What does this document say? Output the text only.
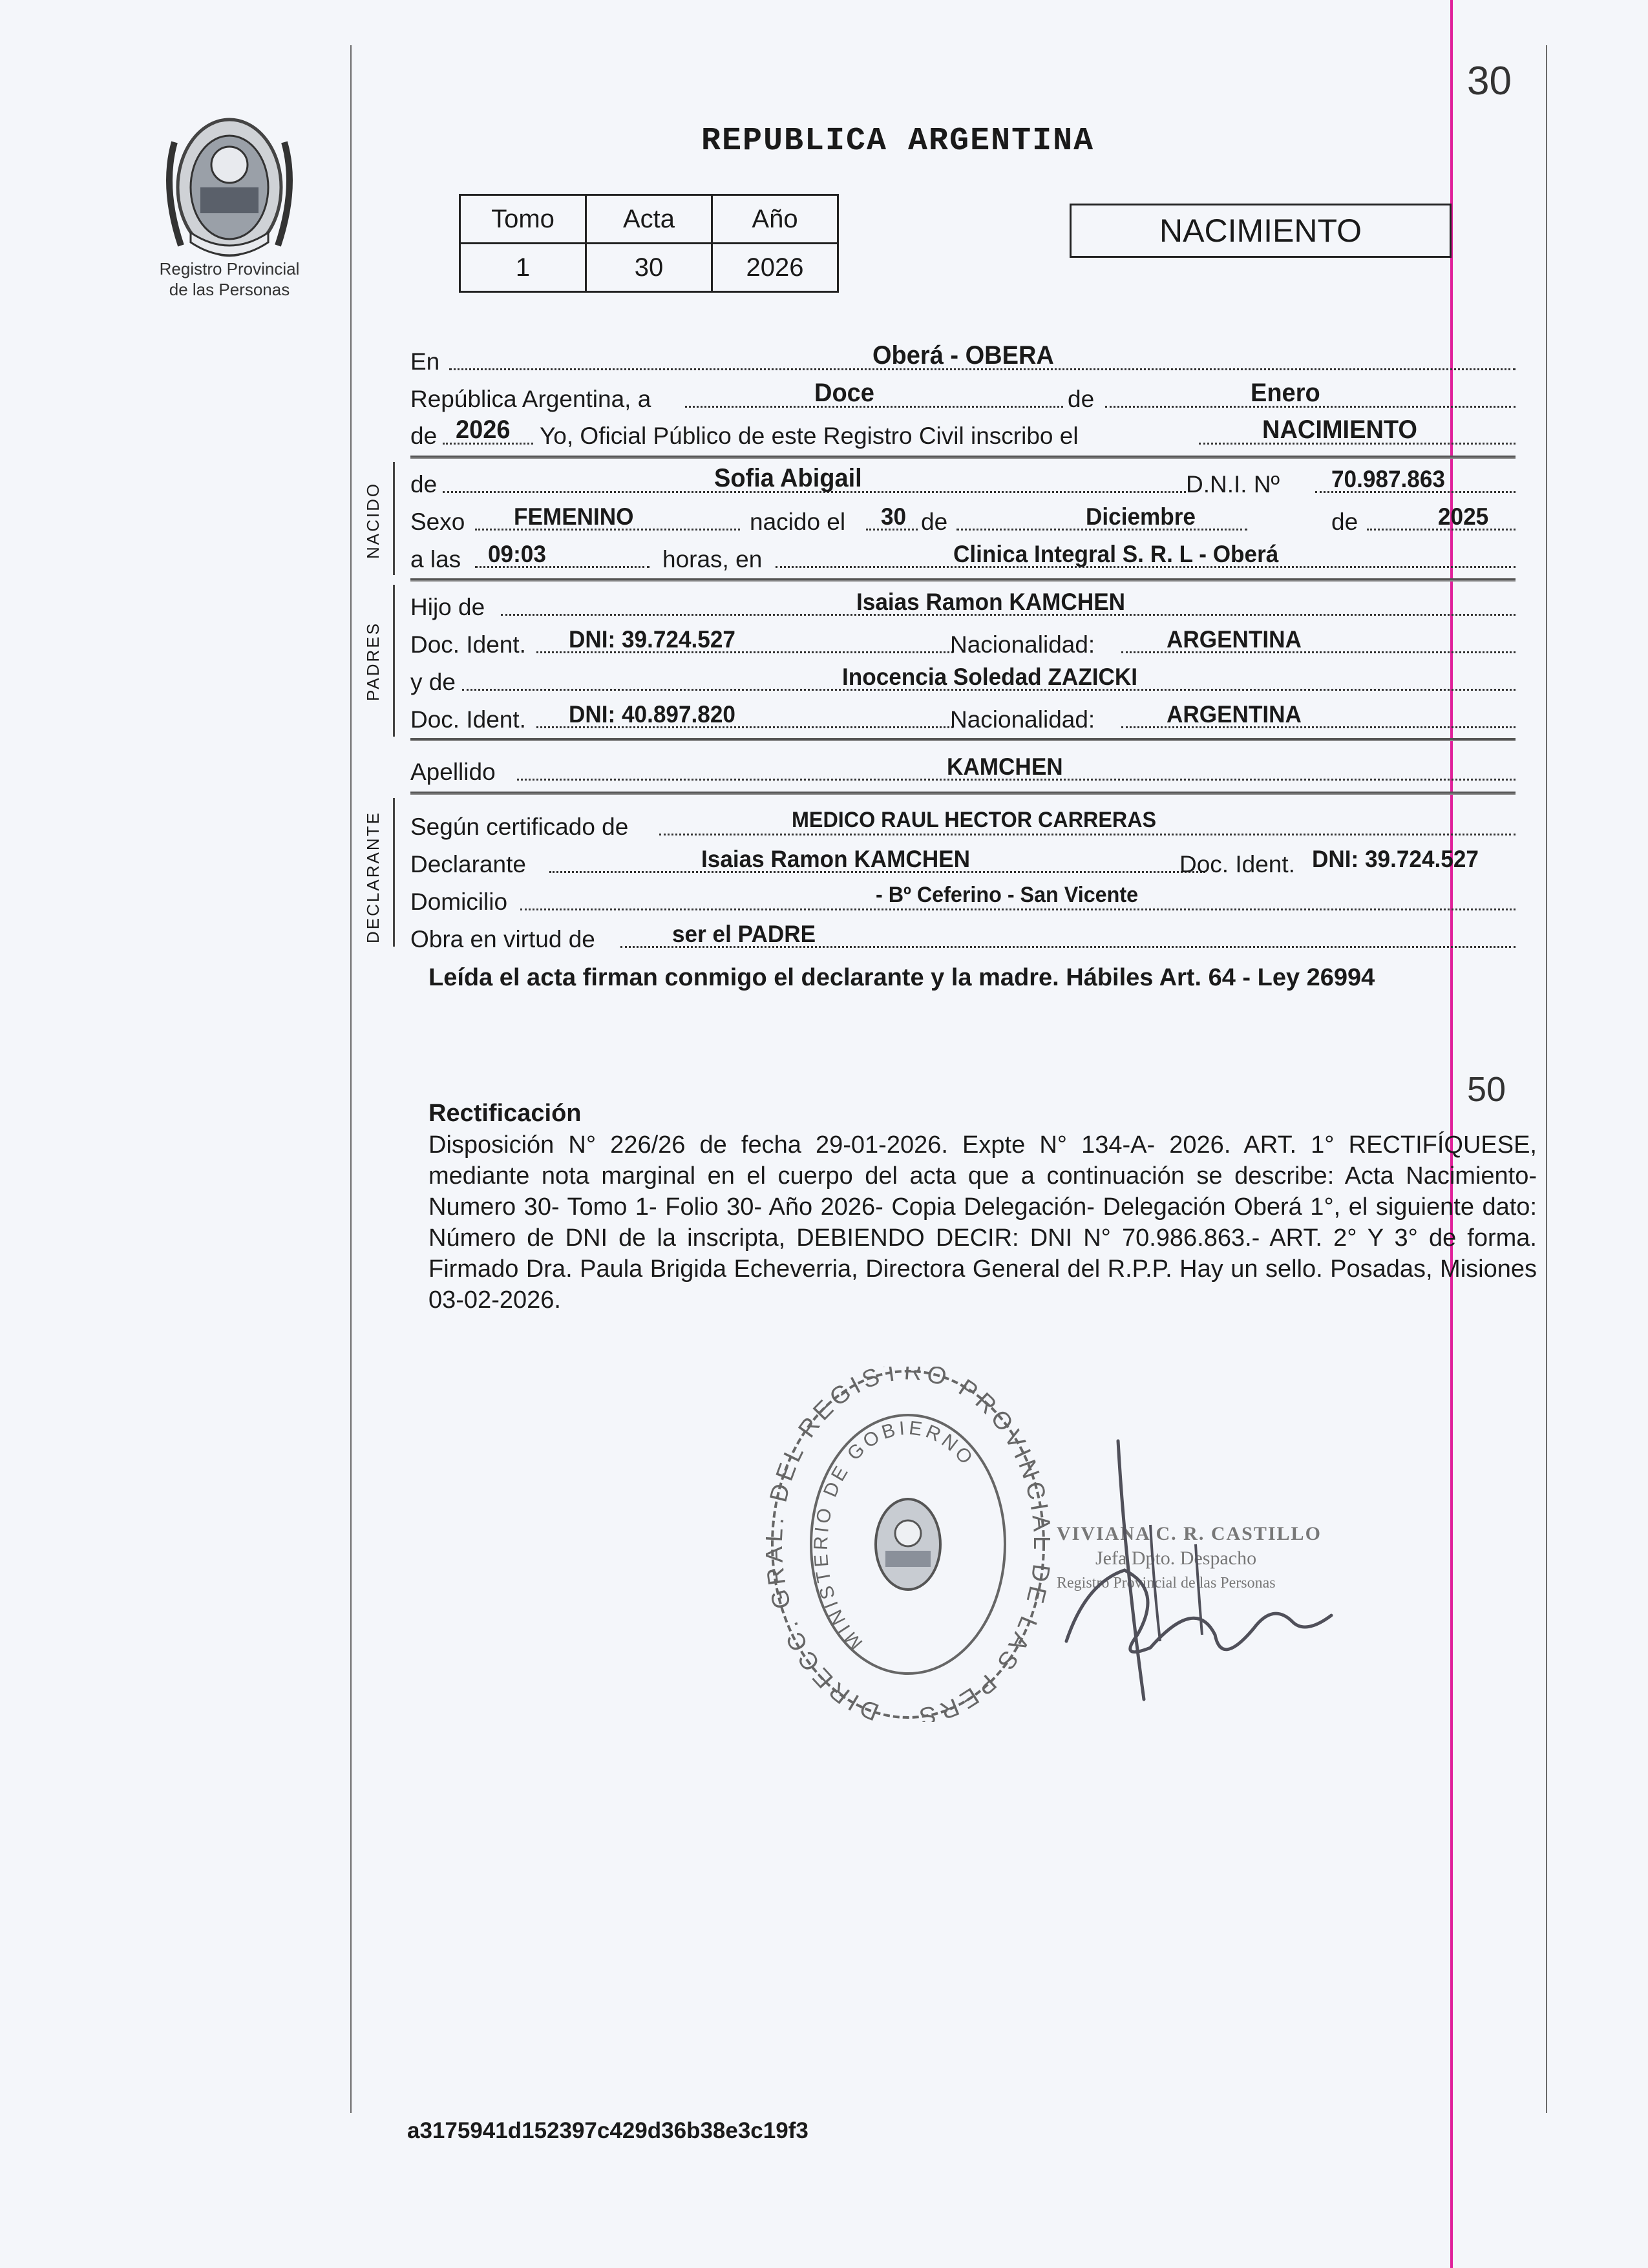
30
Registro Provincial
de las Personas
REPUBLICA ARGENTINA
Tomo	Acta	Año
1	30	2026
NACIMIENTO
En	Oberá - OBERA
República Argentina, a	Doce	de	Enero
de 2026 Yo, Oficial Público de este Registro Civil inscribo el	NACIMIENTO
NACIDO de	Sofia Abigail	D.N.I. Nº 70.987.863
Sexo FEMENINO	nacido el 30 de	Diciembre	de	2025
a las 09:03	horas, en	Clinica Integral S. R. L - Oberá
PADRES
Hijo de	Isaias Ramon KAMCHEN
Doc. Ident. DNI: 39.724.527	Nacionalidad:	ARGENTINA
y de	Inocencia Soledad ZAZICKI
Doc. Ident. DNI: 40.897.820	Nacionalidad:	ARGENTINA
Apellido	KAMCHEN
DECLARANTE Según certificado de	MEDICO RAUL HECTOR CARRERAS
Declarante	Isaias Ramon KAMCHEN	Doc. Ident. DNI: 39.724.527
Domicilio	- Bº Ceferino - San Vicente
Obra en virtud de	ser el PADRE
Leída el acta firman conmigo el declarante y la madre. Hábiles Art. 64 - Ley 26994
50
Rectificación
Disposición N° 226/26 de fecha 29-01-2026. Expte N° 134-A- 2026. ART. 1° RECTIFÍQUESE, mediante nota marginal en el cuerpo del acta que a continuación se describe: Acta Nacimiento- Numero 30- Tomo 1- Folio 30- Año 2026- Copia Delegación- Delegación Oberá 1°, el siguiente dato: Número de DNI de la inscripta, DEBIENDO DECIR: DNI N° 70.986.863.- ART. 2° Y 3° de forma. Firmado Dra. Paula Brigida Echeverria, Directora General del R.P.P. Hay un sello. Posadas, Misiones 03-02-2026.
DIRECC. G DEL REGISTRO PROVINC E LAS PERS
MINISTERIO DE GOBIERNO
VIVIANA C. R. CASTILLO
Jefa Dpto. Despacho
Registro Provincial de las Personas
a3175941d152397c429d36b38e3c19f3
